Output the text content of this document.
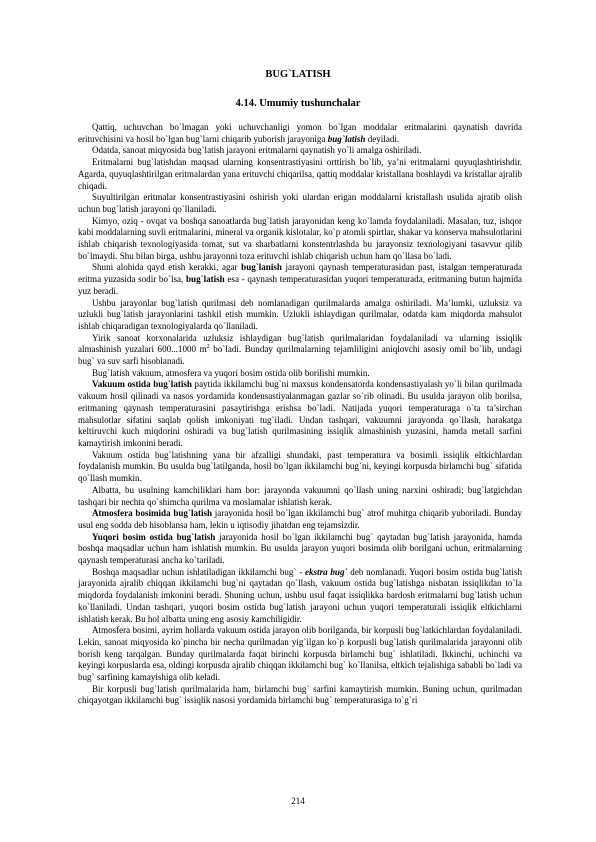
BUG`LATISH
4.14. Umumiy tushunchalar

Qattiq, uchuvchan bo`lmagan yoki uchuvchanligi yomon bo`lgan moddalar eritmalarini qaynatish davrida erituvchisini va hosil bo`lgan bug`larni chiqarib yuborish jarayoniga bug`latish deyiladi.

Odatda, sanoat miqyosida bug`latish jarayoni eritmalarni qaynatish yo`li amalga oshiriladi.

Eritmalarni bug`latishdan maqsad ularning konsentrastiyasini orttirish bo`lib, ya’ni eritmalarni quyuqlashtirishdir. Agarda, quyuqlashtirilgan eritmalardan yana erituvchi chiqarilsa, qattiq moddalar kristallana boshlaydi va kristallar ajralib chiqadi.

Suyultirilgan eritmalar konsentrastiyasini oshirish yoki ulardan erigan moddalarni kristallash usulida ajratib olish uchun bug`latish jarayoni qo`llaniladi.

Kimyo, oziq - ovqat va boshqa sanoatlarda bug`latish jarayonidan keng ko`lamda foydalaniladi. Masalan, tuz, ishqor kabi moddalarning suvli eritmalarini, mineral va organik kislotalar, ko`p atomli spirtlar, shakar va konserva mahsulotlarini ishlab chiqarish texnologiyasida tomat, sut va sharbatlarni konstentrlashda bu jarayonsiz texnologiyani tasavvur qilib bo`lmaydi. Shu bilan birga, ushbu jarayonni toza erituvchi ishlab chiqarish uchun ham qo`llasa bo`ladi.

Shuni alohida qayd etish kerakki, agar bug`lanish jarayoni qaynash temperaturasidan past, istalgan temperaturada eritma yuzasida sodir bo`lsa, bug`latish esa - qaynash temperaturasidan yuqori temperaturada, eritmaning butun hajmida yuz beradi.

Ushbu jarayonlar bug`latish qurilmasi deb nomlanadigan qurilmalarda amalga oshiriladi. Ma’lumki, uzluksiz va uzlukli bug`latish jarayonlarini tashkil etish mumkin. Uzlukli ishlaydigan qurilmalar, odatda kam miqdorda mahsulot ishlab chiqaradigan texnologiyalarda qo`llaniladi.

Yirik sanoat korxonalarida uzluksiz ishlaydigan bug`latish qurilmalaridan foydalaniladi va ularning issiqlik almashinish yuzalari 600...1000 $m^2$ bo`ladi. Bunday qurilmalarning tejamliligini aniqlovchi asosiy omil bo`lib, undagi bug` va suv sarfi hisoblanadi.

Bug`latish vakuum, atmosfera va yuqori bosim ostida olib borilishi mumkin.

Vakuum ostida bug`latish paytida ikkilamchi bug`ni maxsus kondensatorda kondensastiyalash yo`li bilan qurilmada vakuum hosil qilinadi va nasos yordamida kondensastiyalanmagan gazlar so`rib olinadi. Bu usulda jarayon olib borilsa, eritmaning qaynash temperaturasini pasaytirishga erishsa bo`ladi. Natijada yuqori temperaturaga o`ta ta’sirchan mahsulotlar sifatini saqlab qolish imkoniyati tug`iladi. Undan tashqari, vakuumni jarayonda qo`llash, harakatga keltiruvchi kuch miqdorini oshiradi va bug`latish qurilmasining issiqlik almashinish yuzasini, hamda metall sarfini kamaytirish imkonini beradi.

Vakuum ostida bug`latishning yana bir afzalligi shundaki, past temperatura va bosimli issiqlik eltkichlardan foydalanish mumkin. Bu usulda bug`latilganda, hosil bo`lgan ikkilamchi bug`ni, keyingi korpusda birlamchi bug` sifatida qo`llash mumkin.

Albatta, bu usulning kamchiliklari ham bor: jarayonda vakuumni qo`llash uning narxini oshiradi; bug`latgichdan tashqari bir nechta qo`shimcha qurilma va moslamalar ishlatish kerak.

Atmosfera bosimida bug`latish jarayonida hosil bo`lgan ikkilamchi bug` atrof muhitga chiqarib yuboriladi. Bunday usul eng sodda deb hisoblansa ham, lekin u iqtisodiy jihatdan eng tejamsizdir.

Yuqori bosim ostida bug`latish jarayonida hosil bo`lgan ikkilamchi bug` qaytadan bug`latish jarayonida, hamda boshqa maqsadlar uchun ham ishlatish mumkin. Bu usulda jarayon yuqori bosimda olib borilgani uchun, eritmalarning qaynash temperaturasi ancha ko`tariladi.

Boshqa maqsadlar uchun ishlatiladigan ikkilamchi bug` - ekstra bug` deb nomlanadi. Yuqori bosim ostida bug`latish jarayonida ajralib chiqqan ikkilamchi bug`ni qaytadan qo`llash, vakuum ostida bug`latishga nisbatan issiqlikdan to`la miqdorda foydalanish imkonini beradi. Shuning uchun, ushbu usul faqat issiqlikka bardosh eritmalarni bug`latish uchun ko`llaniladi. Undan tashqari, yuqori bosim ostida bug`latish jarayoni uchun yuqori temperaturali issiqlik eltkichlarni ishlatish kerak. Bu hol albatta uning eng asosiy kamchiligidir.

Atmosfera bosimi, ayrim hollarda vakuum ostida jarayon olib borilganda, bir korpusli bug`latkichlardan foydalaniladi. Lekin, sanoat miqyosida ko`pincha bir necha qurilmadan yig`ilgan ko`p korpusli bug`latish qurilmalarida jarayonni olib borish keng tarqalgan. Bunday qurilmalarda faqat birinchi korpusda birlamchi bug` ishlatiladi. Ikkinchi, uchinchi va keyingi korpuslarda esa, oldingi korpusda ajralib chiqqan ikkilamchi bug` ko`llanilsa, eltkich tejalishiga sababli bo`ladi va bug` sarfining kamayishiga olib keladi.

Bir korpusli bug`latish qurilmalarida ham, birlamchi bug` sarfini kamaytirish mumkin. Buning uchun, qurilmadan chiqayotgan ikkilamchi bug` issiqlik nasosi yordamida birlamchi bug` temperaturasiga to`g`ri

214
